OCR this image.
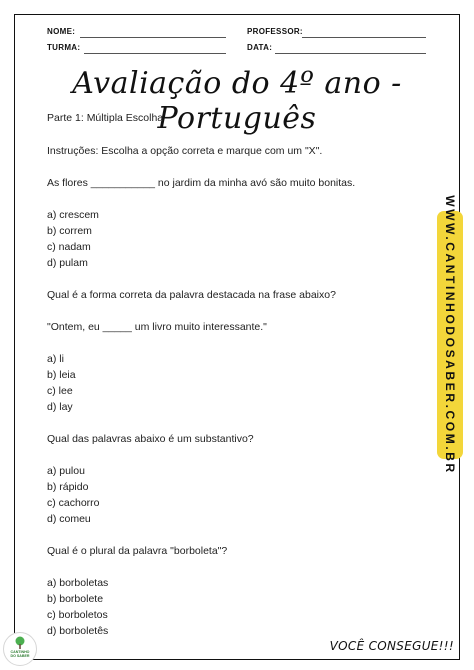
NOME:	PROFESSOR:
TURMA:	DATA:
Avaliação do 4º ano - Português
Parte 1: Múltipla Escolha
Instruções: Escolha a opção correta e marque com um "X".
As flores ___________ no jardim da minha avó são muito bonitas.
a) crescem
b) correm
c) nadam
d) pulam
Qual é a forma correta da palavra destacada na frase abaixo?
"Ontem, eu _____ um livro muito interessante."
a) li
b) leia
c) lee
d) lay
Qual das palavras abaixo é um substantivo?
a) pulou
b) rápido
c) cachorro
d) comeu
Qual é o plural da palavra "borboleta"?
a) borboletas
b) borbolete
c) borboletos
d) borboletês
WWW.CANTINHODOSABER.COM.BR
VOCÊ CONSEGUE!!!
CANTINHO
DO SABER
